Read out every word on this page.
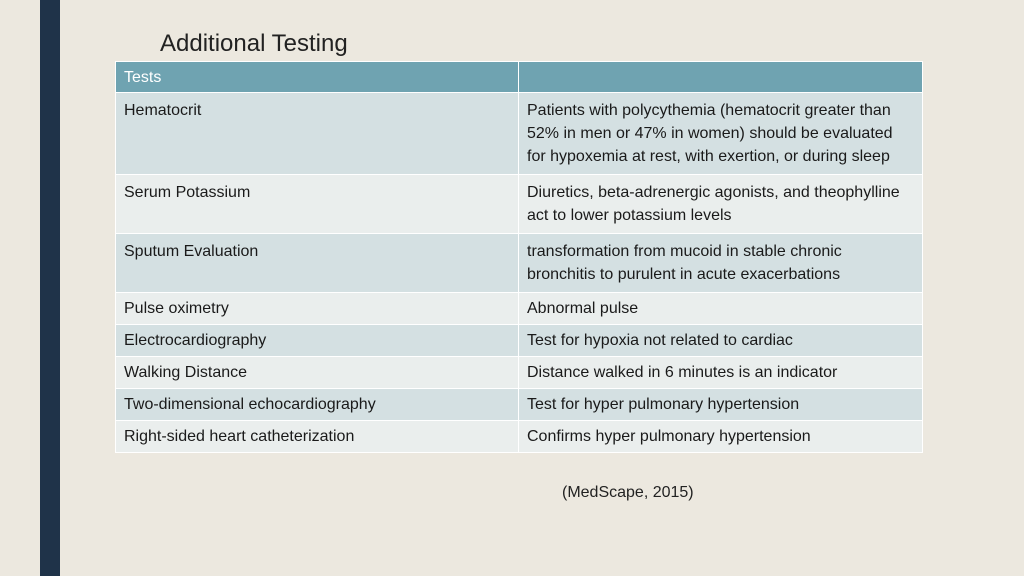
Additional Testing
Tests	
Hematocrit	Patients with polycythemia (hematocrit greater than 52% in men or 47% in women) should be evaluated for hypoxemia at rest, with exertion, or during sleep
Serum Potassium	Diuretics, beta-adrenergic agonists, and theophylline act to lower potassium levels
Sputum Evaluation	transformation from mucoid in stable chronic bronchitis to purulent in acute exacerbations
Pulse oximetry	Abnormal pulse
Electrocardiography	Test for hypoxia not related to cardiac
Walking Distance	Distance walked in 6 minutes is an indicator
Two-dimensional echocardiography	Test for hyper pulmonary hypertension
Right-sided heart catheterization	Confirms hyper pulmonary hypertension
(MedScape, 2015)
